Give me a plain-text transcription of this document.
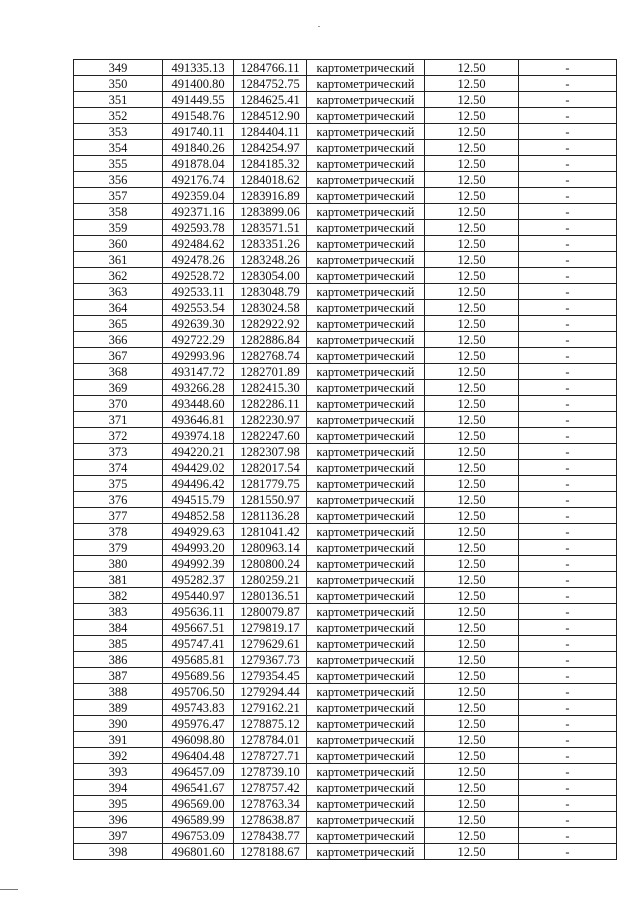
349	491335.13	1284766.11	картометрический	12.50	-
350	491400.80	1284752.75	картометрический	12.50	-
351	491449.55	1284625.41	картометрический	12.50	-
352	491548.76	1284512.90	картометрический	12.50	-
353	491740.11	1284404.11	картометрический	12.50	-
354	491840.26	1284254.97	картометрический	12.50	-
355	491878.04	1284185.32	картометрический	12.50	-
356	492176.74	1284018.62	картометрический	12.50	-
357	492359.04	1283916.89	картометрический	12.50	-
358	492371.16	1283899.06	картометрический	12.50	-
359	492593.78	1283571.51	картометрический	12.50	-
360	492484.62	1283351.26	картометрический	12.50	-
361	492478.26	1283248.26	картометрический	12.50	-
362	492528.72	1283054.00	картометрический	12.50	-
363	492533.11	1283048.79	картометрический	12.50	-
364	492553.54	1283024.58	картометрический	12.50	-
365	492639.30	1282922.92	картометрический	12.50	-
366	492722.29	1282886.84	картометрический	12.50	-
367	492993.96	1282768.74	картометрический	12.50	-
368	493147.72	1282701.89	картометрический	12.50	-
369	493266.28	1282415.30	картометрический	12.50	-
370	493448.60	1282286.11	картометрический	12.50	-
371	493646.81	1282230.97	картометрический	12.50	-
372	493974.18	1282247.60	картометрический	12.50	-
373	494220.21	1282307.98	картометрический	12.50	-
374	494429.02	1282017.54	картометрический	12.50	-
375	494496.42	1281779.75	картометрический	12.50	-
376	494515.79	1281550.97	картометрический	12.50	-
377	494852.58	1281136.28	картометрический	12.50	-
378	494929.63	1281041.42	картометрический	12.50	-
379	494993.20	1280963.14	картометрический	12.50	-
380	494992.39	1280800.24	картометрический	12.50	-
381	495282.37	1280259.21	картометрический	12.50	-
382	495440.97	1280136.51	картометрический	12.50	-
383	495636.11	1280079.87	картометрический	12.50	-
384	495667.51	1279819.17	картометрический	12.50	-
385	495747.41	1279629.61	картометрический	12.50	-
386	495685.81	1279367.73	картометрический	12.50	-
387	495689.56	1279354.45	картометрический	12.50	-
388	495706.50	1279294.44	картометрический	12.50	-
389	495743.83	1279162.21	картометрический	12.50	-
390	495976.47	1278875.12	картометрический	12.50	-
391	496098.80	1278784.01	картометрический	12.50	-
392	496404.48	1278727.71	картометрический	12.50	-
393	496457.09	1278739.10	картометрический	12.50	-
394	496541.67	1278757.42	картометрический	12.50	-
395	496569.00	1278763.34	картометрический	12.50	-
396	496589.99	1278638.87	картометрический	12.50	-
397	496753.09	1278438.77	картометрический	12.50	-
398	496801.60	1278188.67	картометрический	12.50	-
